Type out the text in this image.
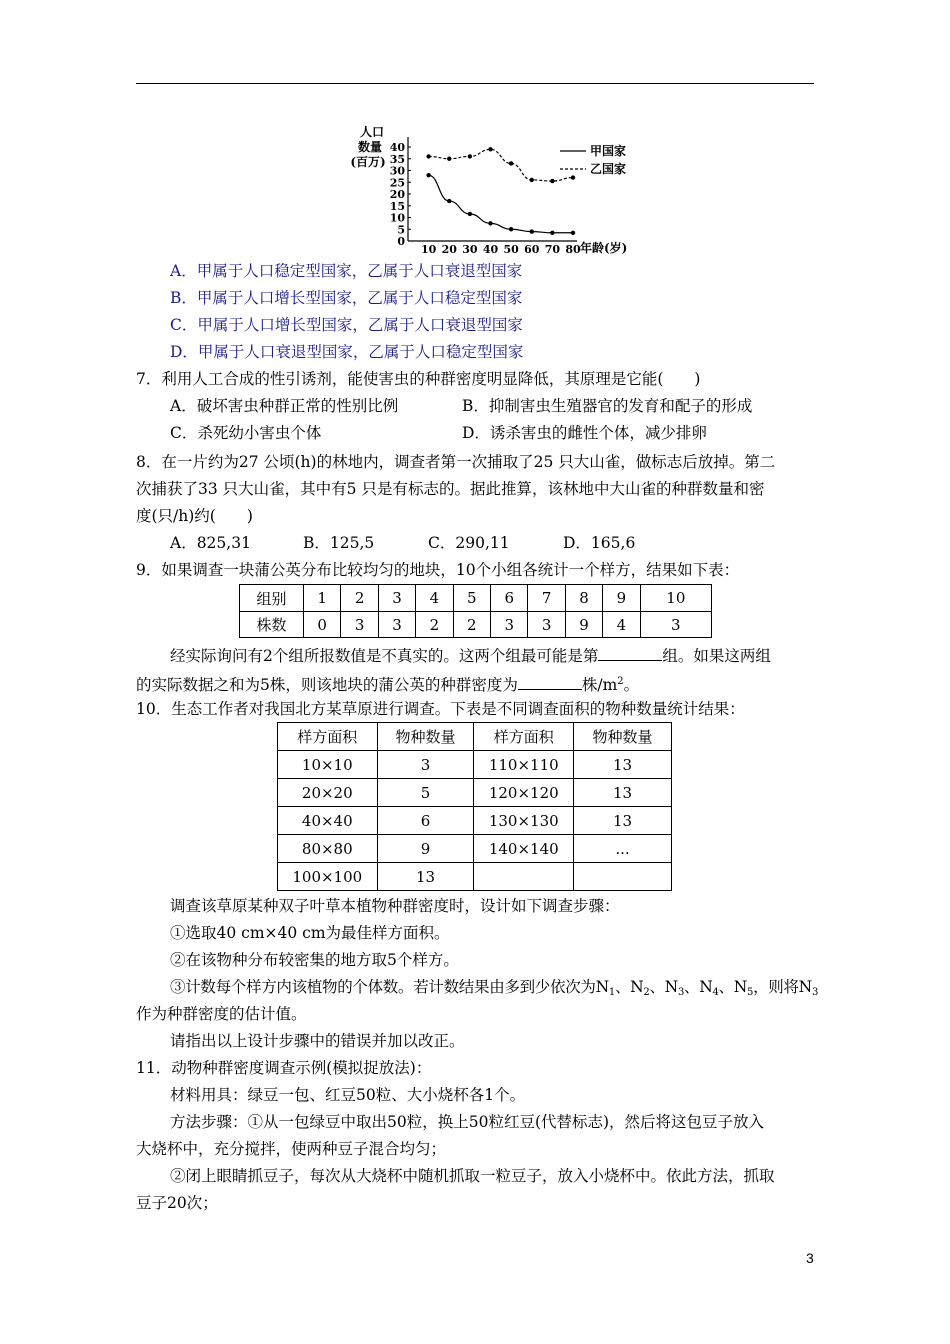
人口
数量
(百万)
0
5
10
15
20
25
30
35
40
10 20 30 40 50 60 70 80 年龄(岁)
甲国家
乙国家
A．甲属于人口稳定型国家，乙属于人口衰退型国家
B．甲属于人口增长型国家，乙属于人口稳定型国家
C．甲属于人口增长型国家，乙属于人口衰退型国家
D．甲属于人口衰退型国家，乙属于人口稳定型国家
7．利用人工合成的性引诱剂，能使害虫的种群密度明显降低，其原理是它能(　　)
A．破坏害虫种群正常的性别比例	B．抑制害虫生殖器官的发育和配子的形成
C．杀死幼小害虫个体	D．诱杀害虫的雌性个体，减少排卵
8．在一片约为27 公顷(h)的林地内，调查者第一次捕取了25 只大山雀，做标志后放掉。第二
次捕获了33 只大山雀，其中有5 只是有标志的。据此推算，该林地中大山雀的种群数量和密
度(只/h)约(　　)
A．825,31	B．125,5	C．290,11	D．165,6
9．如果调查一块蒲公英分布比较均匀的地块，10个小组各统计一个样方，结果如下表：
组别	1	2	3	4	5	6	7	8	9	10
株数	0	3	3	2	2	3	3	9	4	3
经实际询问有2个组所报数值是不真实的。这两个组最可能是第	组。如果这两组
的实际数据之和为5株，则该地块的蒲公英的种群密度为	株$/m^2$。
10．生态工作者对我国北方某草原进行调查。下表是不同调查面积的物种数量统计结果：
样方面积	物种数量	样方面积	物种数量
10×10	3	110×110	13
20×20	5	120×120	13
40×40	6	130×130	13
80×80	9	140×140	...
100×100	13		
调查该草原某种双子叶草本植物种群密度时，设计如下调查步骤：
①选取40 cm×40 cm为最佳样方面积。
②在该物种分布较密集的地方取5个样方。
③计数每个样方内该植物的个体数。若计数结果由多到少依次为$N_1$、$N_2$、$N_3$、$N_4$、$N_5$，则将$N_3$
作为种群密度的估计值。
请指出以上设计步骤中的错误并加以改正。
11．动物种群密度调查示例(模拟捉放法)：
材料用具：绿豆一包、红豆50粒、大小烧杯各1个。
方法步骤：①从一包绿豆中取出50粒，换上50粒红豆(代替标志)，然后将这包豆子放入
大烧杯中，充分搅拌，使两种豆子混合均匀；
②闭上眼睛抓豆子，每次从大烧杯中随机抓取一粒豆子，放入小烧杯中。依此方法，抓取
豆子20次；
3
